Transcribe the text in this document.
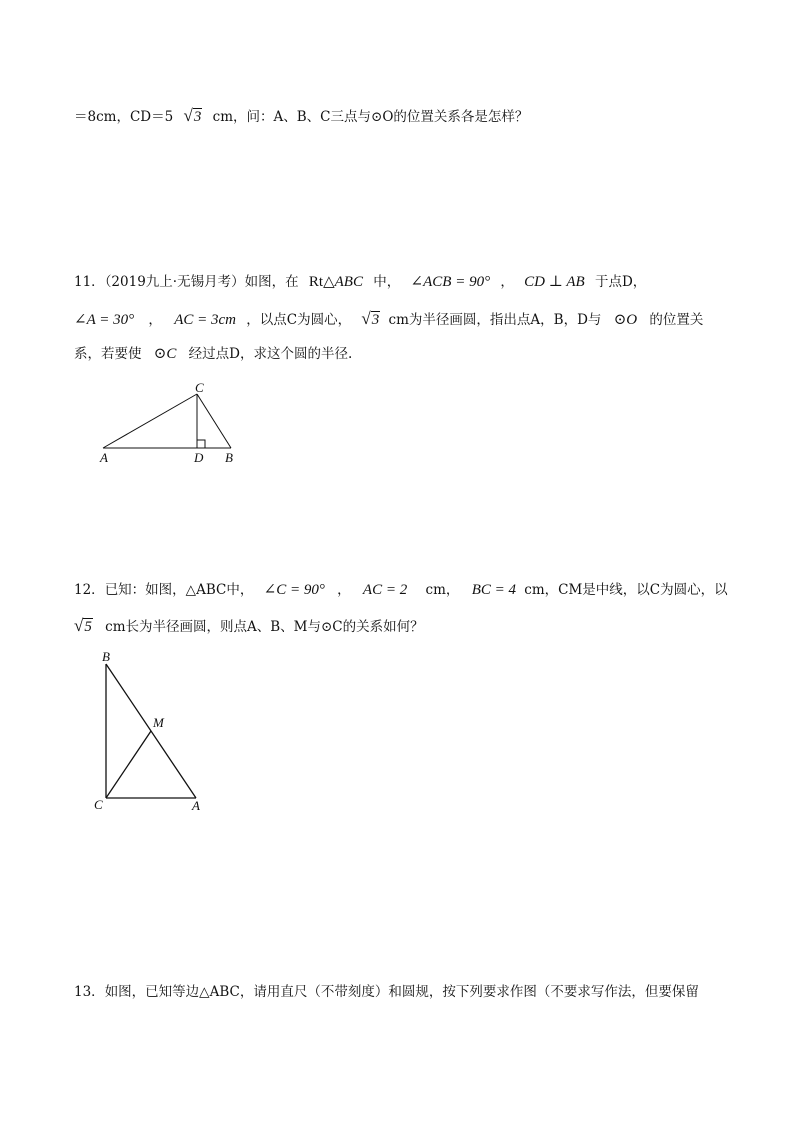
＝8cm，CD＝5 √3 cm，问：A、B、C三点与⊙O的位置关系各是怎样？
11．（2019九上·无锡月考）如图，在 Rt△ABC 中， ∠ACB = 90° ， CD ⊥ AB 于点D，
∠A = 30° ， AC = 3cm ，以点C为圆心， √3 cm为半径画圆，指出点A，B，D与 ⊙O 的位置关
系，若要使 ⊙C 经过点D，求这个圆的半径.
C
A	D B
12．已知：如图，△ABC中， ∠C = 90° ， AC = 2 cm， BC = 4 cm，CM是中线，以C为圆心，以
√5 cm长为半径画圆，则点A、B、M与⊙C的关系如何？
B
M
C	A
13．如图，已知等边△ABC，请用直尺（不带刻度）和圆规，按下列要求作图（不要求写作法，但要保留
